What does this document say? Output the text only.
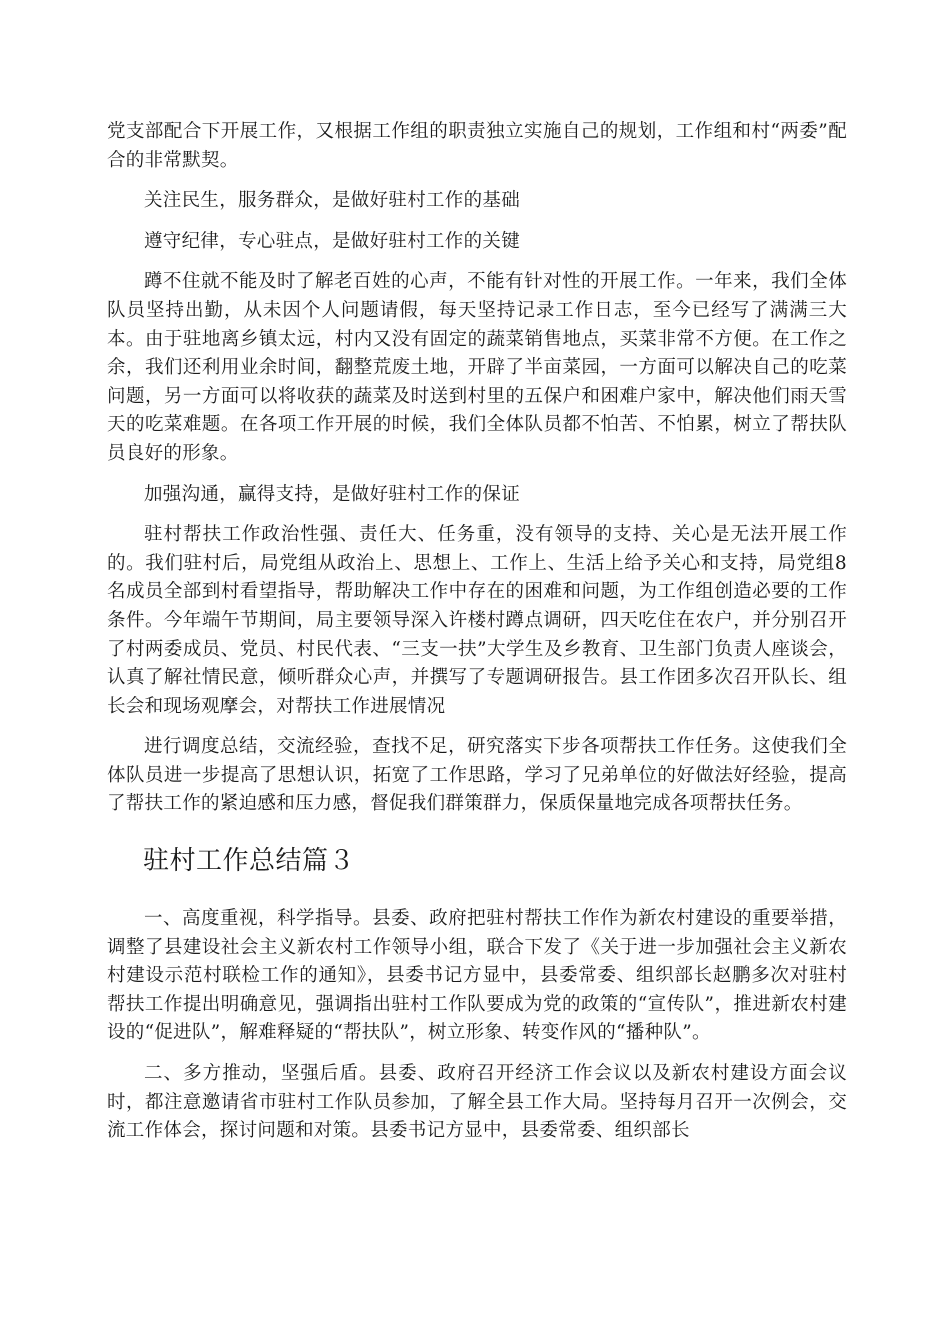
党支部配合下开展工作，又根据工作组的职责独立实施自己的规划，工作组和村“两委”配合的非常默契。

关注民生，服务群众，是做好驻村工作的基础

遵守纪律，专心驻点，是做好驻村工作的关键

蹲不住就不能及时了解老百姓的心声，不能有针对性的开展工作。一年来，我们全体队员坚持出勤，从未因个人问题请假，每天坚持记录工作日志，至今已经写了满满三大本。由于驻地离乡镇太远，村内又没有固定的蔬菜销售地点，买菜非常不方便。在工作之余，我们还利用业余时间，翻整荒废土地，开辟了半亩菜园，一方面可以解决自己的吃菜问题，另一方面可以将收获的蔬菜及时送到村里的五保户和困难户家中，解决他们雨天雪天的吃菜难题。在各项工作开展的时候，我们全体队员都不怕苦、不怕累，树立了帮扶队员良好的形象。

加强沟通，赢得支持，是做好驻村工作的保证

驻村帮扶工作政治性强、责任大、任务重，没有领导的支持、关心是无法开展工作的。我们驻村后，局党组从政治上、思想上、工作上、生活上给予关心和支持，局党组8名成员全部到村看望指导，帮助解决工作中存在的困难和问题，为工作组创造必要的工作条件。今年端午节期间，局主要领导深入许楼村蹲点调研，四天吃住在农户，并分别召开了村两委成员、党员、村民代表、“三支一扶”大学生及乡教育、卫生部门负责人座谈会，认真了解社情民意，倾听群众心声，并撰写了专题调研报告。县工作团多次召开队长、组长会和现场观摩会，对帮扶工作进展情况

进行调度总结，交流经验，查找不足，研究落实下步各项帮扶工作任务。这使我们全体队员进一步提高了思想认识，拓宽了工作思路，学习了兄弟单位的好做法好经验，提高了帮扶工作的紧迫感和压力感，督促我们群策群力，保质保量地完成各项帮扶任务。

驻村工作总结篇３

一、高度重视，科学指导。县委、政府把驻村帮扶工作作为新农村建设的重要举措，调整了县建设社会主义新农村工作领导小组，联合下发了《关于进一步加强社会主义新农村建设示范村联检工作的通知》，县委书记方显中，县委常委、组织部长赵鹏多次对驻村帮扶工作提出明确意见，强调指出驻村工作队要成为党的政策的“宣传队”，推进新农村建设的“促进队”，解难释疑的“帮扶队”，树立形象、转变作风的“播种队”。

二、多方推动，坚强后盾。县委、政府召开经济工作会议以及新农村建设方面会议时，都注意邀请省市驻村工作队员参加，了解全县工作大局。坚持每月召开一次例会，交流工作体会，探讨问题和对策。县委书记方显中，县委常委、组织部长
